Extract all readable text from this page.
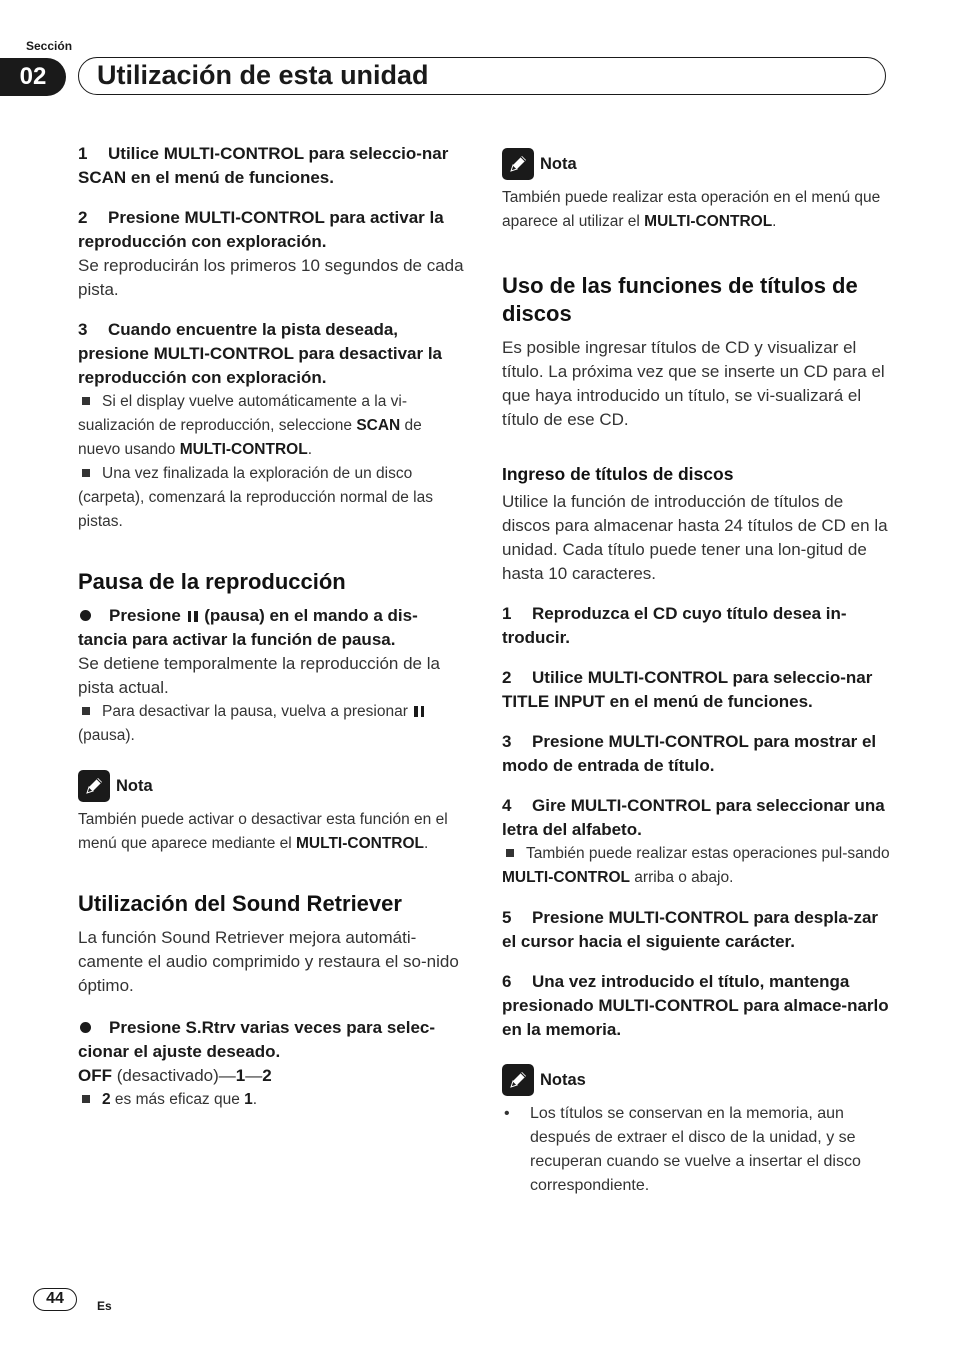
Sección
02	Utilización de esta unidad
1 Utilice MULTI-CONTROL para seleccio-nar SCAN en el menú de funciones.
2 Presione MULTI-CONTROL para activar la reproducción con exploración.
Se reproducirán los primeros 10 segundos de cada pista.
3 Cuando encuentre la pista deseada, presione MULTI-CONTROL para desactivar la reproducción con exploración.
Si el display vuelve automáticamente a la vi-sualización de reproducción, seleccione SCAN de nuevo usando MULTI-CONTROL.
Una vez finalizada la exploración de un disco (carpeta), comenzará la reproducción normal de las pistas.
Pausa de la reproducción
Presione  (pausa) en el mando a dis-tancia para activar la función de pausa.
Se detiene temporalmente la reproducción de la pista actual.
Para desactivar la pausa, vuelva a presionar  (pausa).
Nota
También puede activar o desactivar esta función en el menú que aparece mediante el MULTI-CONTROL.
Utilización del Sound Retriever
La función Sound Retriever mejora automáti-camente el audio comprimido y restaura el so-nido óptimo.
Presione S.Rtrv varias veces para selec-cionar el ajuste deseado.
OFF (desactivado)—1—2
2 es más eficaz que 1.
Nota
También puede realizar esta operación en el menú que aparece al utilizar el MULTI-CONTROL.
Uso de las funciones de títulos de discos
Es posible ingresar títulos de CD y visualizar el título. La próxima vez que se inserte un CD para el que haya introducido un título, se vi-sualizará el título de ese CD.
Ingreso de títulos de discos
Utilice la función de introducción de títulos de discos para almacenar hasta 24 títulos de CD en la unidad. Cada título puede tener una lon-gitud de hasta 10 caracteres.
1 Reproduzca el CD cuyo título desea in-troducir.
2 Utilice MULTI-CONTROL para seleccio-nar TITLE INPUT en el menú de funciones.
3 Presione MULTI-CONTROL para mostrar el modo de entrada de título.
4 Gire MULTI-CONTROL para seleccionar una letra del alfabeto.
También puede realizar estas operaciones pul-sando MULTI-CONTROL arriba o abajo.
5 Presione MULTI-CONTROL para despla-zar el cursor hacia el siguiente carácter.
6 Una vez introducido el título, mantenga presionado MULTI-CONTROL para almace-narlo en la memoria.
Notas
•	Los títulos se conservan en la memoria, aun después de extraer el disco de la unidad, y se recuperan cuando se vuelve a insertar el disco correspondiente.
44	Es
